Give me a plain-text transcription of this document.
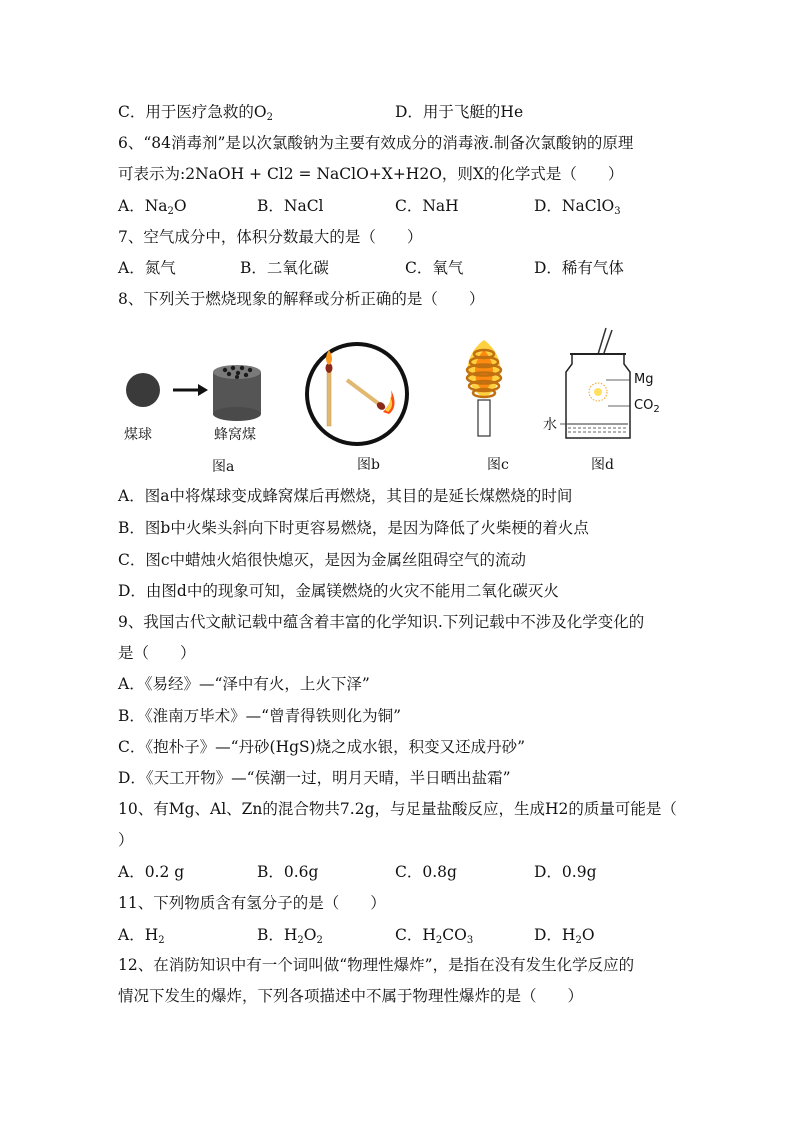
C．用于医疗急救的$O_2$	D．用于飞艇的He
6、“84消毒剂”是以次氯酸钠为主要有效成分的消毒液.制备次氯酸钠的原理
可表示为:2NaOH + Cl2 = NaClO+X+H2O，则X的化学式是（　　）
A．$Na_2O$	B．NaCl	C．NaH	D．NaClO$_3$
7、空气成分中，体积分数最大的是（　　）
A．氮气	B．二氧化碳	C．氧气	D．稀有气体
8、下列关于燃烧现象的解释或分析正确的是（　　）
煤球	蜂窝煤
图a	图b	图c
Mg
$CO_2$
水
图d
A．图a中将煤球变成蜂窝煤后再燃烧，其目的是延长煤燃烧的时间
B．图b中火柴头斜向下时更容易燃烧，是因为降低了火柴梗的着火点
C．图c中蜡烛火焰很快熄灭，是因为金属丝阻碍空气的流动
D．由图d中的现象可知，金属镁燃烧的火灾不能用二氧化碳灭火
9、我国古代文献记载中蕴含着丰富的化学知识.下列记载中不涉及化学变化的
是（　　）
A．《易经》—“泽中有火，上火下泽”
B．《淮南万毕术》—“曾青得铁则化为铜”
C．《抱朴子》—“丹砂(HgS)烧之成水银，积变又还成丹砂”
D．《天工开物》—“侯潮一过，明月天晴，半日晒出盐霜”
10、有Mg、Al、Zn的混合物共7.2g，与足量盐酸反应，生成H2的质量可能是（
）
A．0.2 g	B．0.6g	C．0.8g	D．0.9g
11、下列物质含有氢分子的是（　　）
A．$H_2$	B．$H_2O_2$	C．$H_2CO_3$	D．$H_2O$
12、在消防知识中有一个词叫做“物理性爆炸”，是指在没有发生化学反应的
情况下发生的爆炸，下列各项描述中不属于物理性爆炸的是（　　）
